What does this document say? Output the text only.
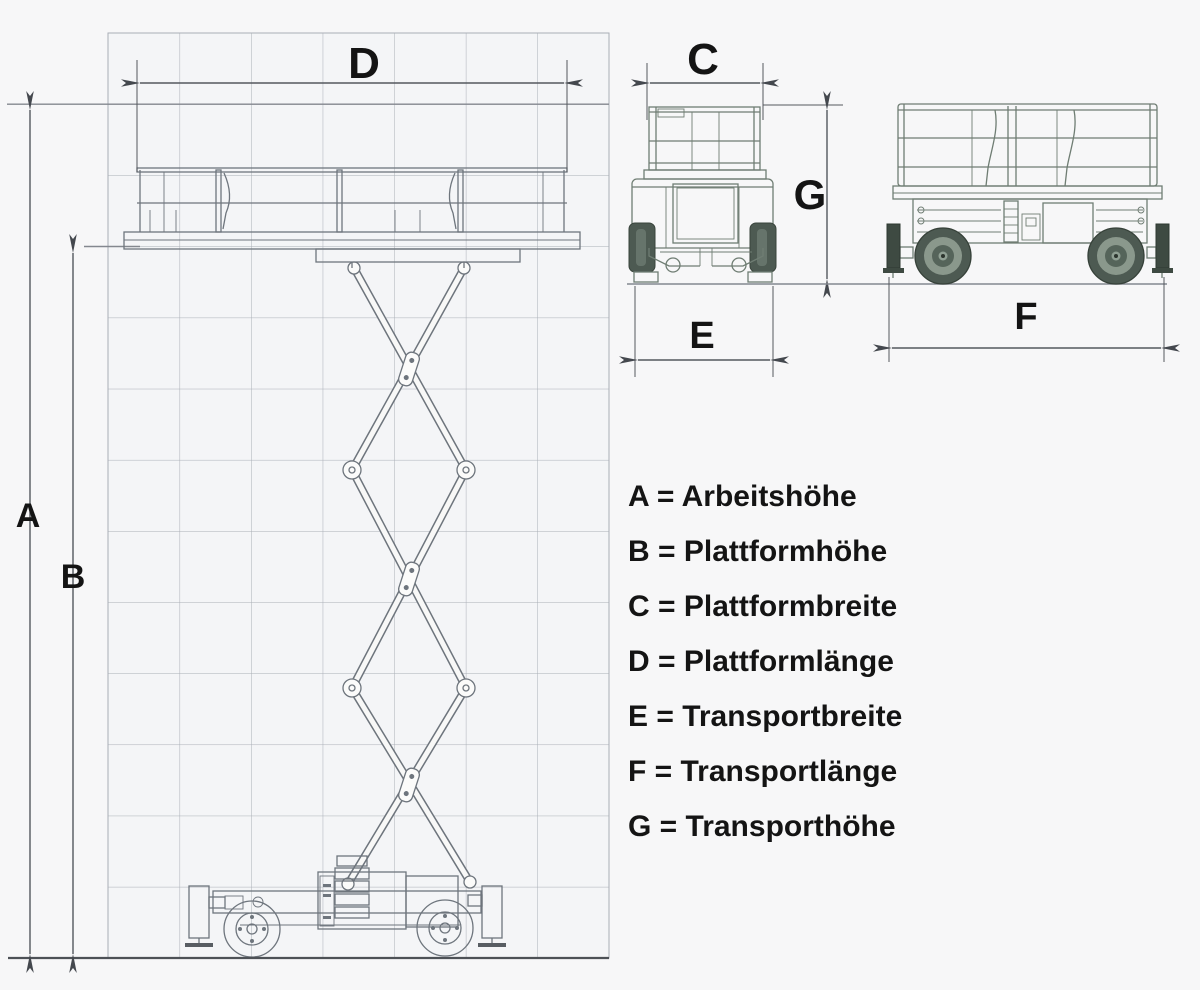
A
B
C
D
E	F
G
A = Arbeitshöhe
B = Plattformhöhe
C = Plattformbreite
D = Plattformlänge
E = Transportbreite
F = Transportlänge
G = Transporthöhe
